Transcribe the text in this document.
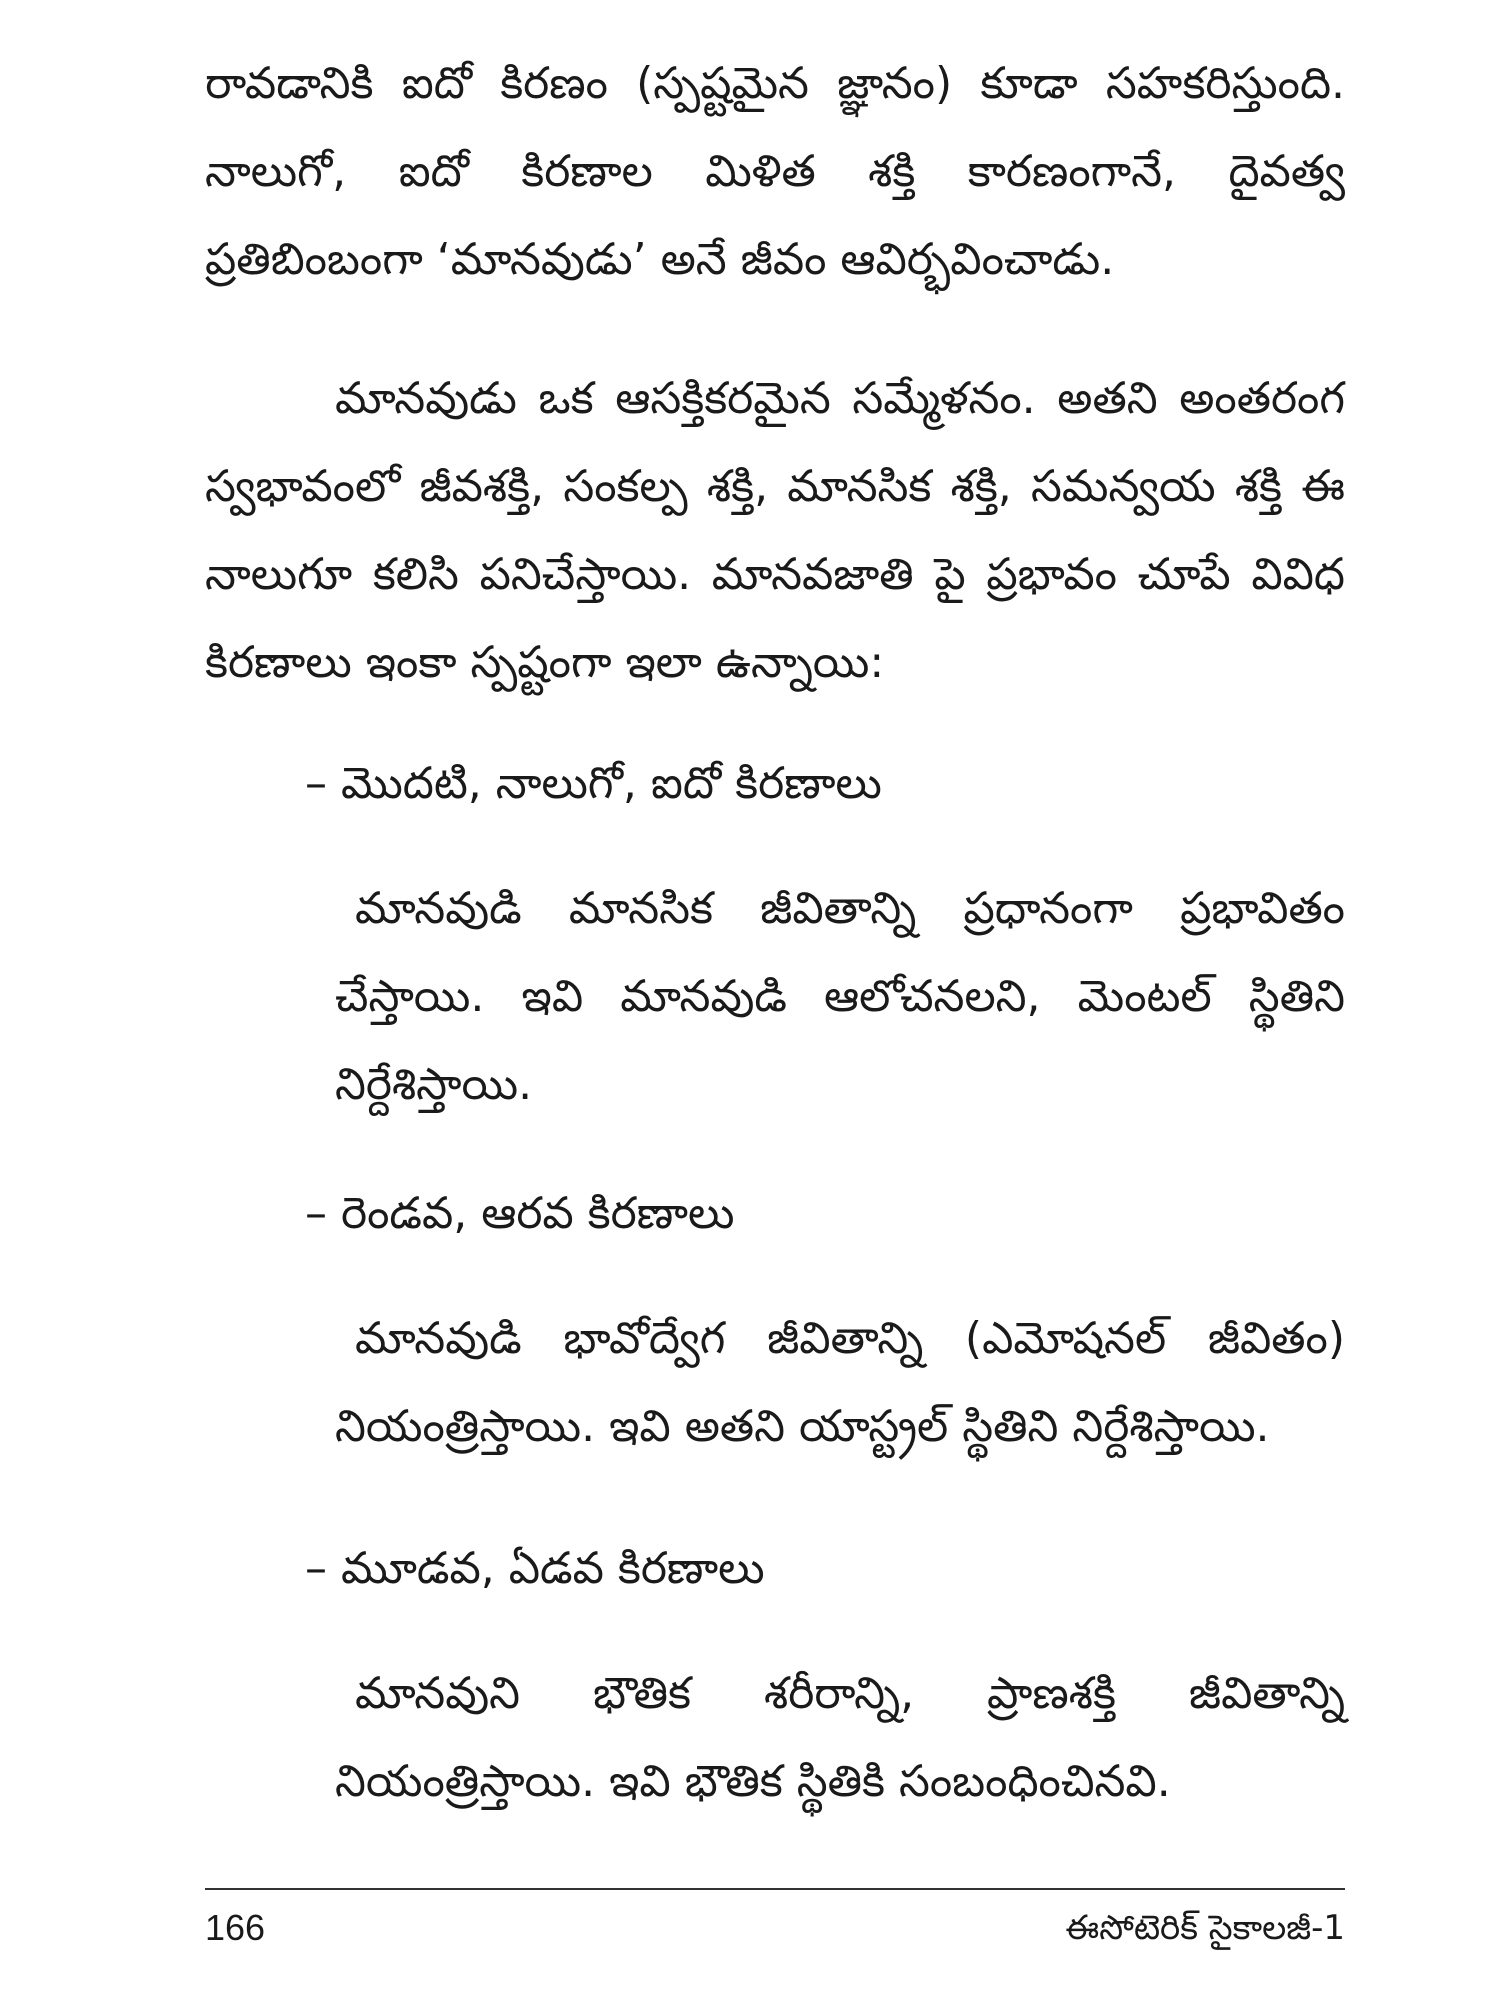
రావడానికి ఐదో కిరణం (స్పష్టమైన జ్ఞానం) కూడా సహకరిస్తుంది. నాలుగో, ఐదో కిరణాల మిళిత శక్తి కారణంగానే, దైవత్వ ప్రతిబింబంగా ‘మానవుడు’ అనే జీవం ఆవిర్భవించాడు.

మానవుడు ఒక ఆసక్తికరమైన సమ్మేళనం. అతని అంతరంగ స్వభావంలో జీవశక్తి, సంకల్ప శక్తి, మానసిక శక్తి, సమన్వయ శక్తి ఈ నాలుగూ కలిసి పనిచేస్తాయి. మానవజాతి పై ప్రభావం చూపే వివిధ కిరణాలు ఇంకా స్పష్టంగా ఇలా ఉన్నాయి:

– మొదటి, నాలుగో, ఐదో కిరణాలు

మానవుడి మానసిక జీవితాన్ని ప్రధానంగా ప్రభావితం చేస్తాయి. ఇవి మానవుడి ఆలోచనలని, మెంటల్ స్థితిని నిర్దేశిస్తాయి.

– రెండవ, ఆరవ కిరణాలు

మానవుడి భావోద్వేగ జీవితాన్ని (ఎమోషనల్ జీవితం) నియంత్రిస్తాయి. ఇవి అతని యాస్ట్రల్ స్థితిని నిర్దేశిస్తాయి.

– మూడవ, ఏడవ కిరణాలు

మానవుని భౌతిక శరీరాన్ని, ప్రాణశక్తి జీవితాన్ని నియంత్రిస్తాయి. ఇవి భౌతిక స్థితికి సంబంధించినవి.

166	ఈసోటెరిక్ సైకాలజీ-1
